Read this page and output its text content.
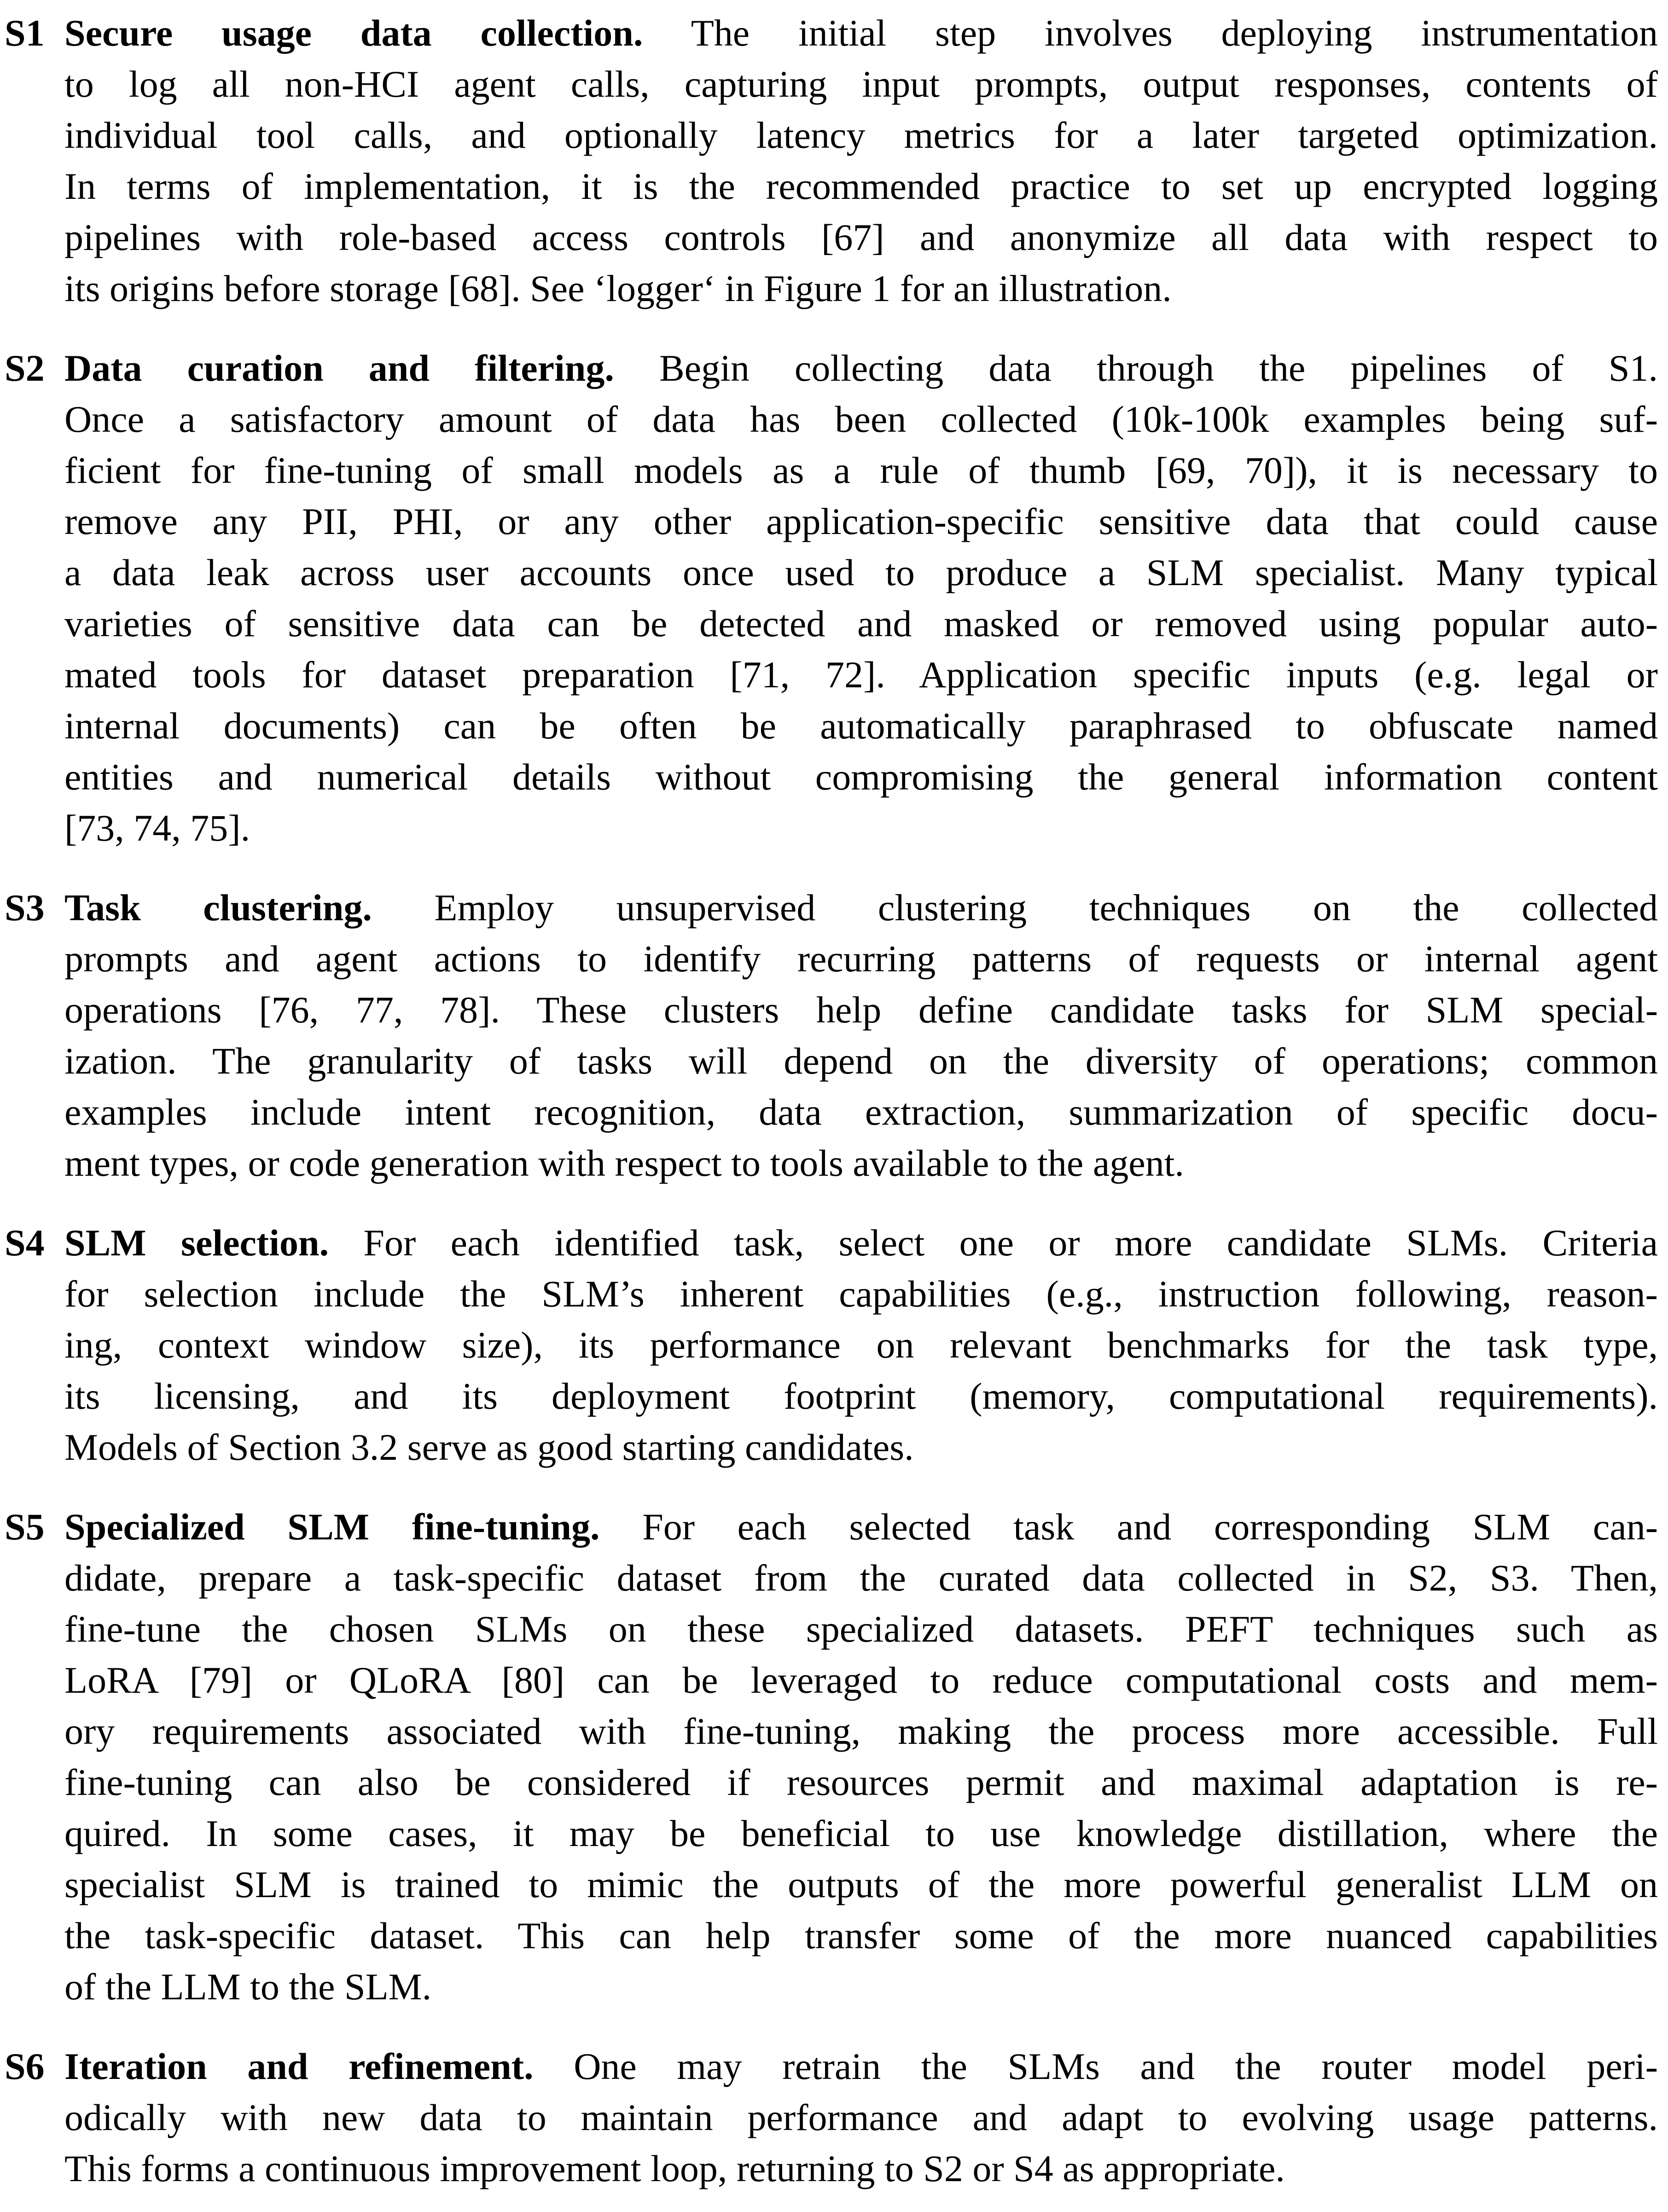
S1 Secure usage data collection. The initial step involves deploying instrumentation
to log all non-HCI agent calls, capturing input prompts, output responses, contents of
individual tool calls, and optionally latency metrics for a later targeted optimization.
In terms of implementation, it is the recommended practice to set up encrypted logging
pipelines with role-based access controls [67] and anonymize all data with respect to
its origins before storage [68]. See ‘logger‘ in Figure 1 for an illustration.
S2 Data curation and filtering. Begin collecting data through the pipelines of S1.
Once a satisfactory amount of data has been collected (10k-100k examples being suf-
ficient for fine-tuning of small models as a rule of thumb [69, 70]), it is necessary to
remove any PII, PHI, or any other application-specific sensitive data that could cause
a data leak across user accounts once used to produce a SLM specialist. Many typical
varieties of sensitive data can be detected and masked or removed using popular auto-
mated tools for dataset preparation [71, 72]. Application specific inputs (e.g. legal or
internal documents) can be often be automatically paraphrased to obfuscate named
entities and numerical details without compromising the general information content
[73, 74, 75].
S3 Task clustering. Employ unsupervised clustering techniques on the collected
prompts and agent actions to identify recurring patterns of requests or internal agent
operations [76, 77, 78]. These clusters help define candidate tasks for SLM special-
ization. The granularity of tasks will depend on the diversity of operations; common
examples include intent recognition, data extraction, summarization of specific docu-
ment types, or code generation with respect to tools available to the agent.
S4 SLM selection. For each identified task, select one or more candidate SLMs. Criteria
for selection include the SLM’s inherent capabilities (e.g., instruction following, reason-
ing, context window size), its performance on relevant benchmarks for the task type,
its licensing, and its deployment footprint (memory, computational requirements).
Models of Section 3.2 serve as good starting candidates.
S5 Specialized SLM fine-tuning. For each selected task and corresponding SLM can-
didate, prepare a task-specific dataset from the curated data collected in S2, S3. Then,
fine-tune the chosen SLMs on these specialized datasets. PEFT techniques such as
LoRA [79] or QLoRA [80] can be leveraged to reduce computational costs and mem-
ory requirements associated with fine-tuning, making the process more accessible. Full
fine-tuning can also be considered if resources permit and maximal adaptation is re-
quired. In some cases, it may be beneficial to use knowledge distillation, where the
specialist SLM is trained to mimic the outputs of the more powerful generalist LLM on
the task-specific dataset. This can help transfer some of the more nuanced capabilities
of the LLM to the SLM.
S6 Iteration and refinement. One may retrain the SLMs and the router model peri-
odically with new data to maintain performance and adapt to evolving usage patterns.
This forms a continuous improvement loop, returning to S2 or S4 as appropriate.
